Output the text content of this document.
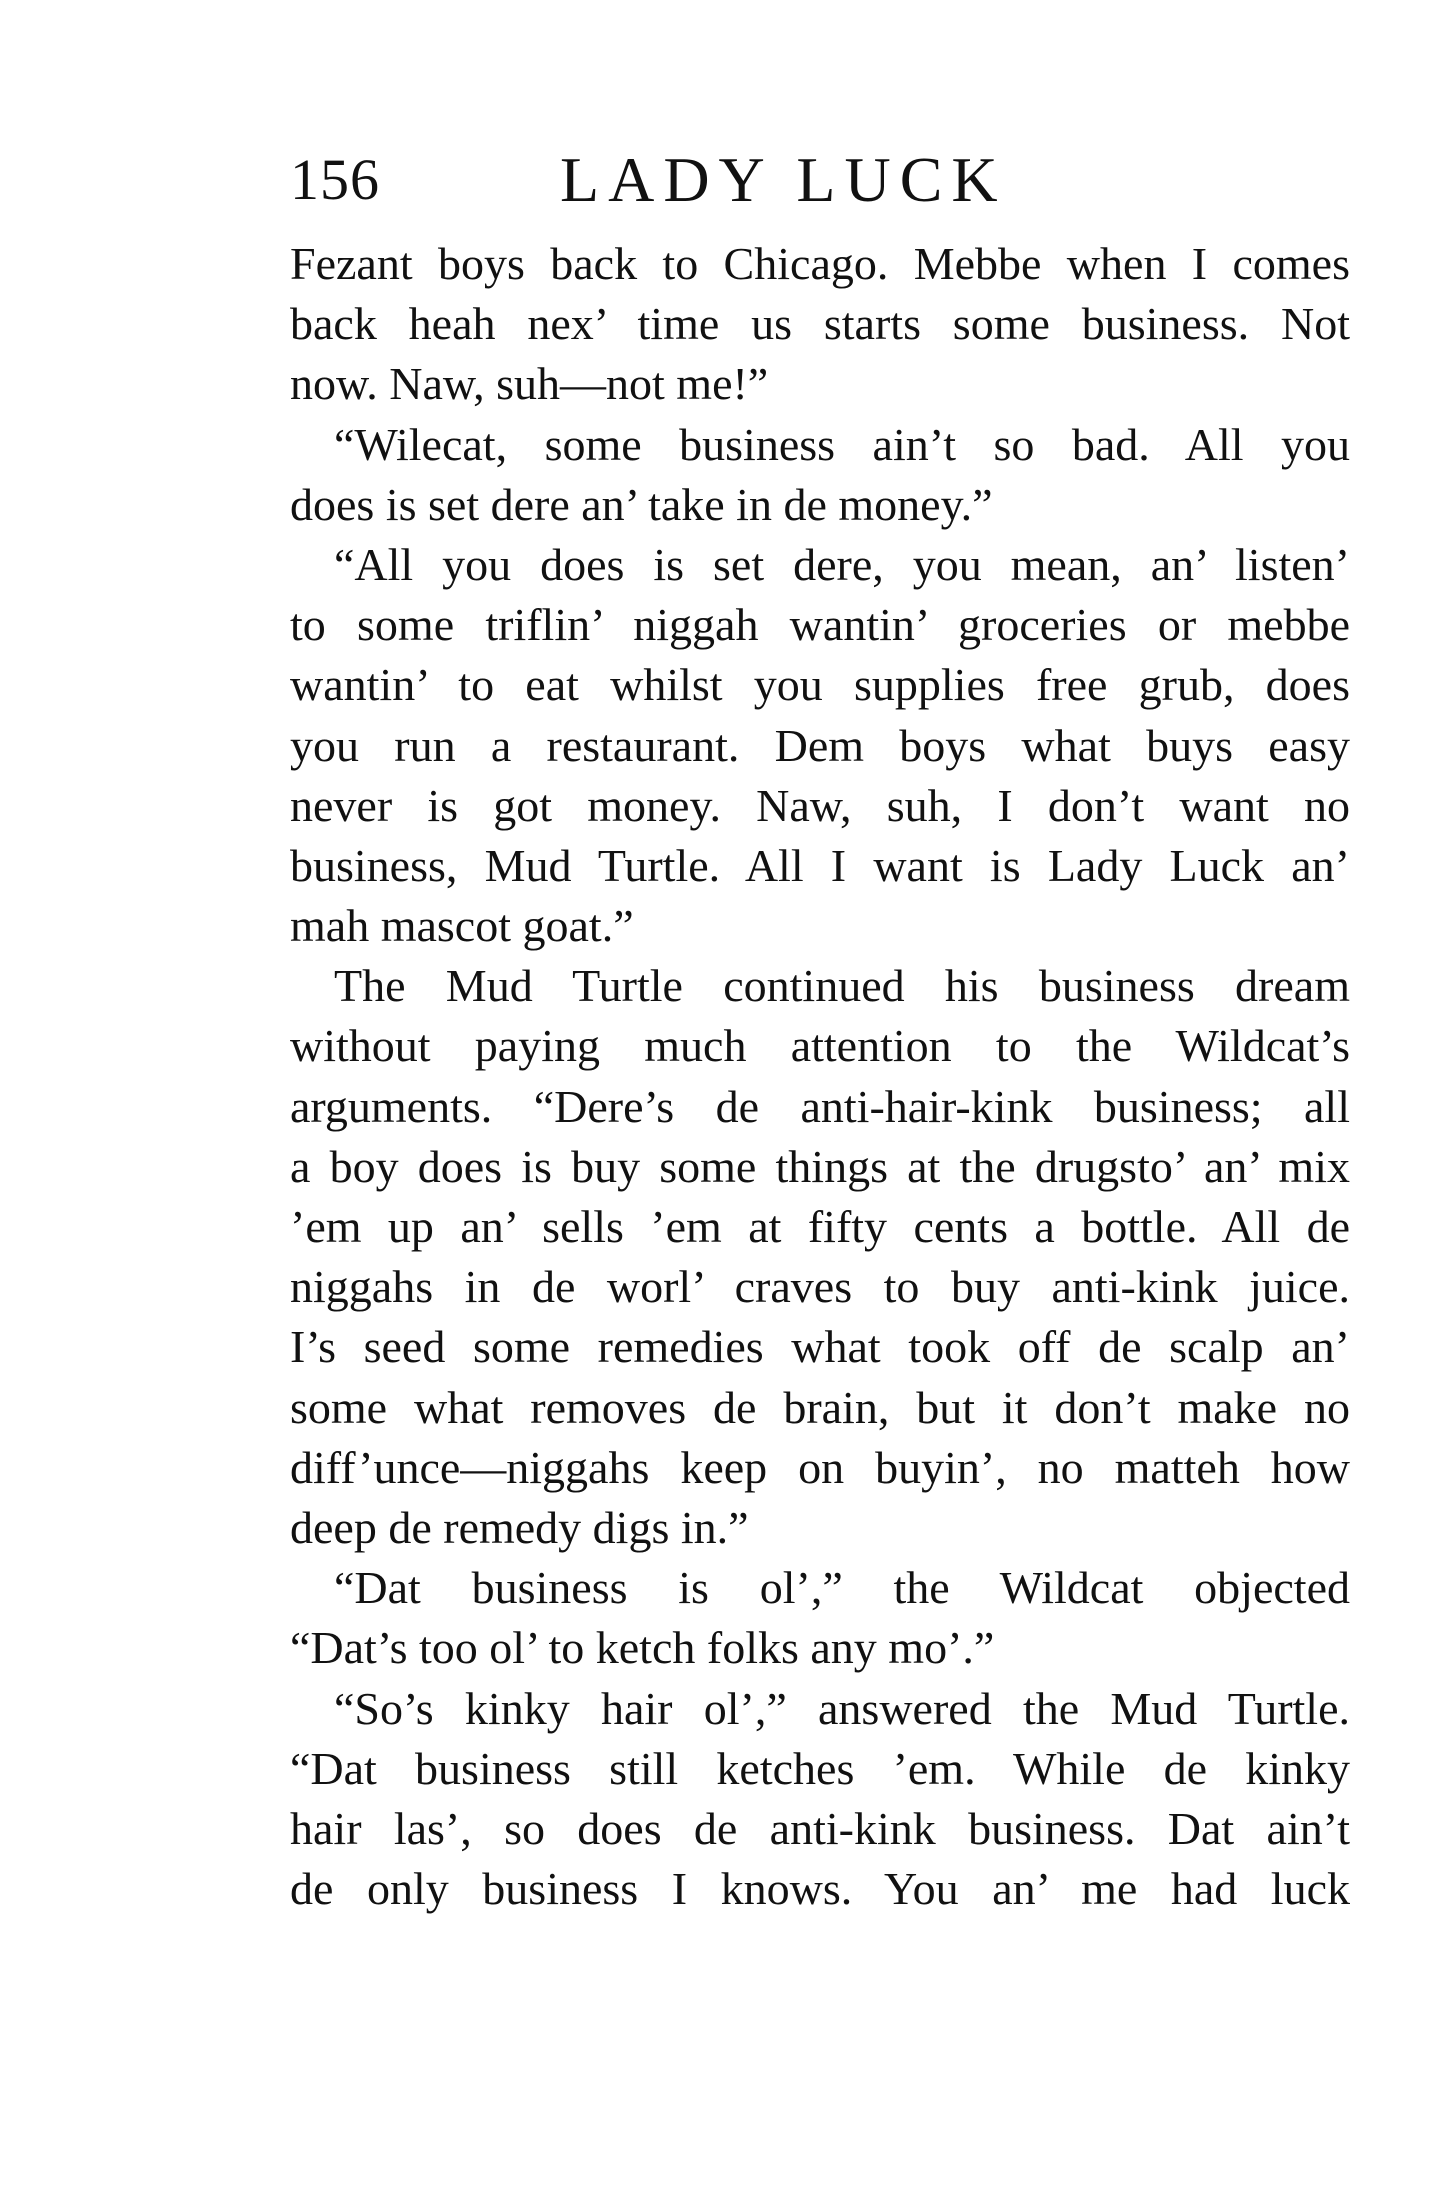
156	LADY LUCK
Fezant boys back to Chicago. Mebbe when I comes
back heah nex’ time us starts some business. Not
now. Naw, suh—not me!”
“Wilecat, some business ain’t so bad. All you
does is set dere an’ take in de money.”
“All you does is set dere, you mean, an’ listen’
to some triflin’ niggah wantin’ groceries or mebbe
wantin’ to eat whilst you supplies free grub, does
you run a restaurant. Dem boys what buys easy
never is got money. Naw, suh, I don’t want no
business, Mud Turtle. All I want is Lady Luck an’
mah mascot goat.”
The Mud Turtle continued his business dream
without paying much attention to the Wildcat’s
arguments. “Dere’s de anti-hair-kink business; all
a boy does is buy some things at the drugsto’ an’ mix
’em up an’ sells ’em at fifty cents a bottle. All de
niggahs in de worl’ craves to buy anti-kink juice.
I’s seed some remedies what took off de scalp an’
some what removes de brain, but it don’t make no
diff’unce—niggahs keep on buyin’, no matteh how
deep de remedy digs in.”
“Dat business is ol’,” the Wildcat objected
“Dat’s too ol’ to ketch folks any mo’.”
“So’s kinky hair ol’,” answered the Mud Turtle.
“Dat business still ketches ’em. While de kinky
hair las’, so does de anti-kink business. Dat ain’t
de only business I knows. You an’ me had luck
